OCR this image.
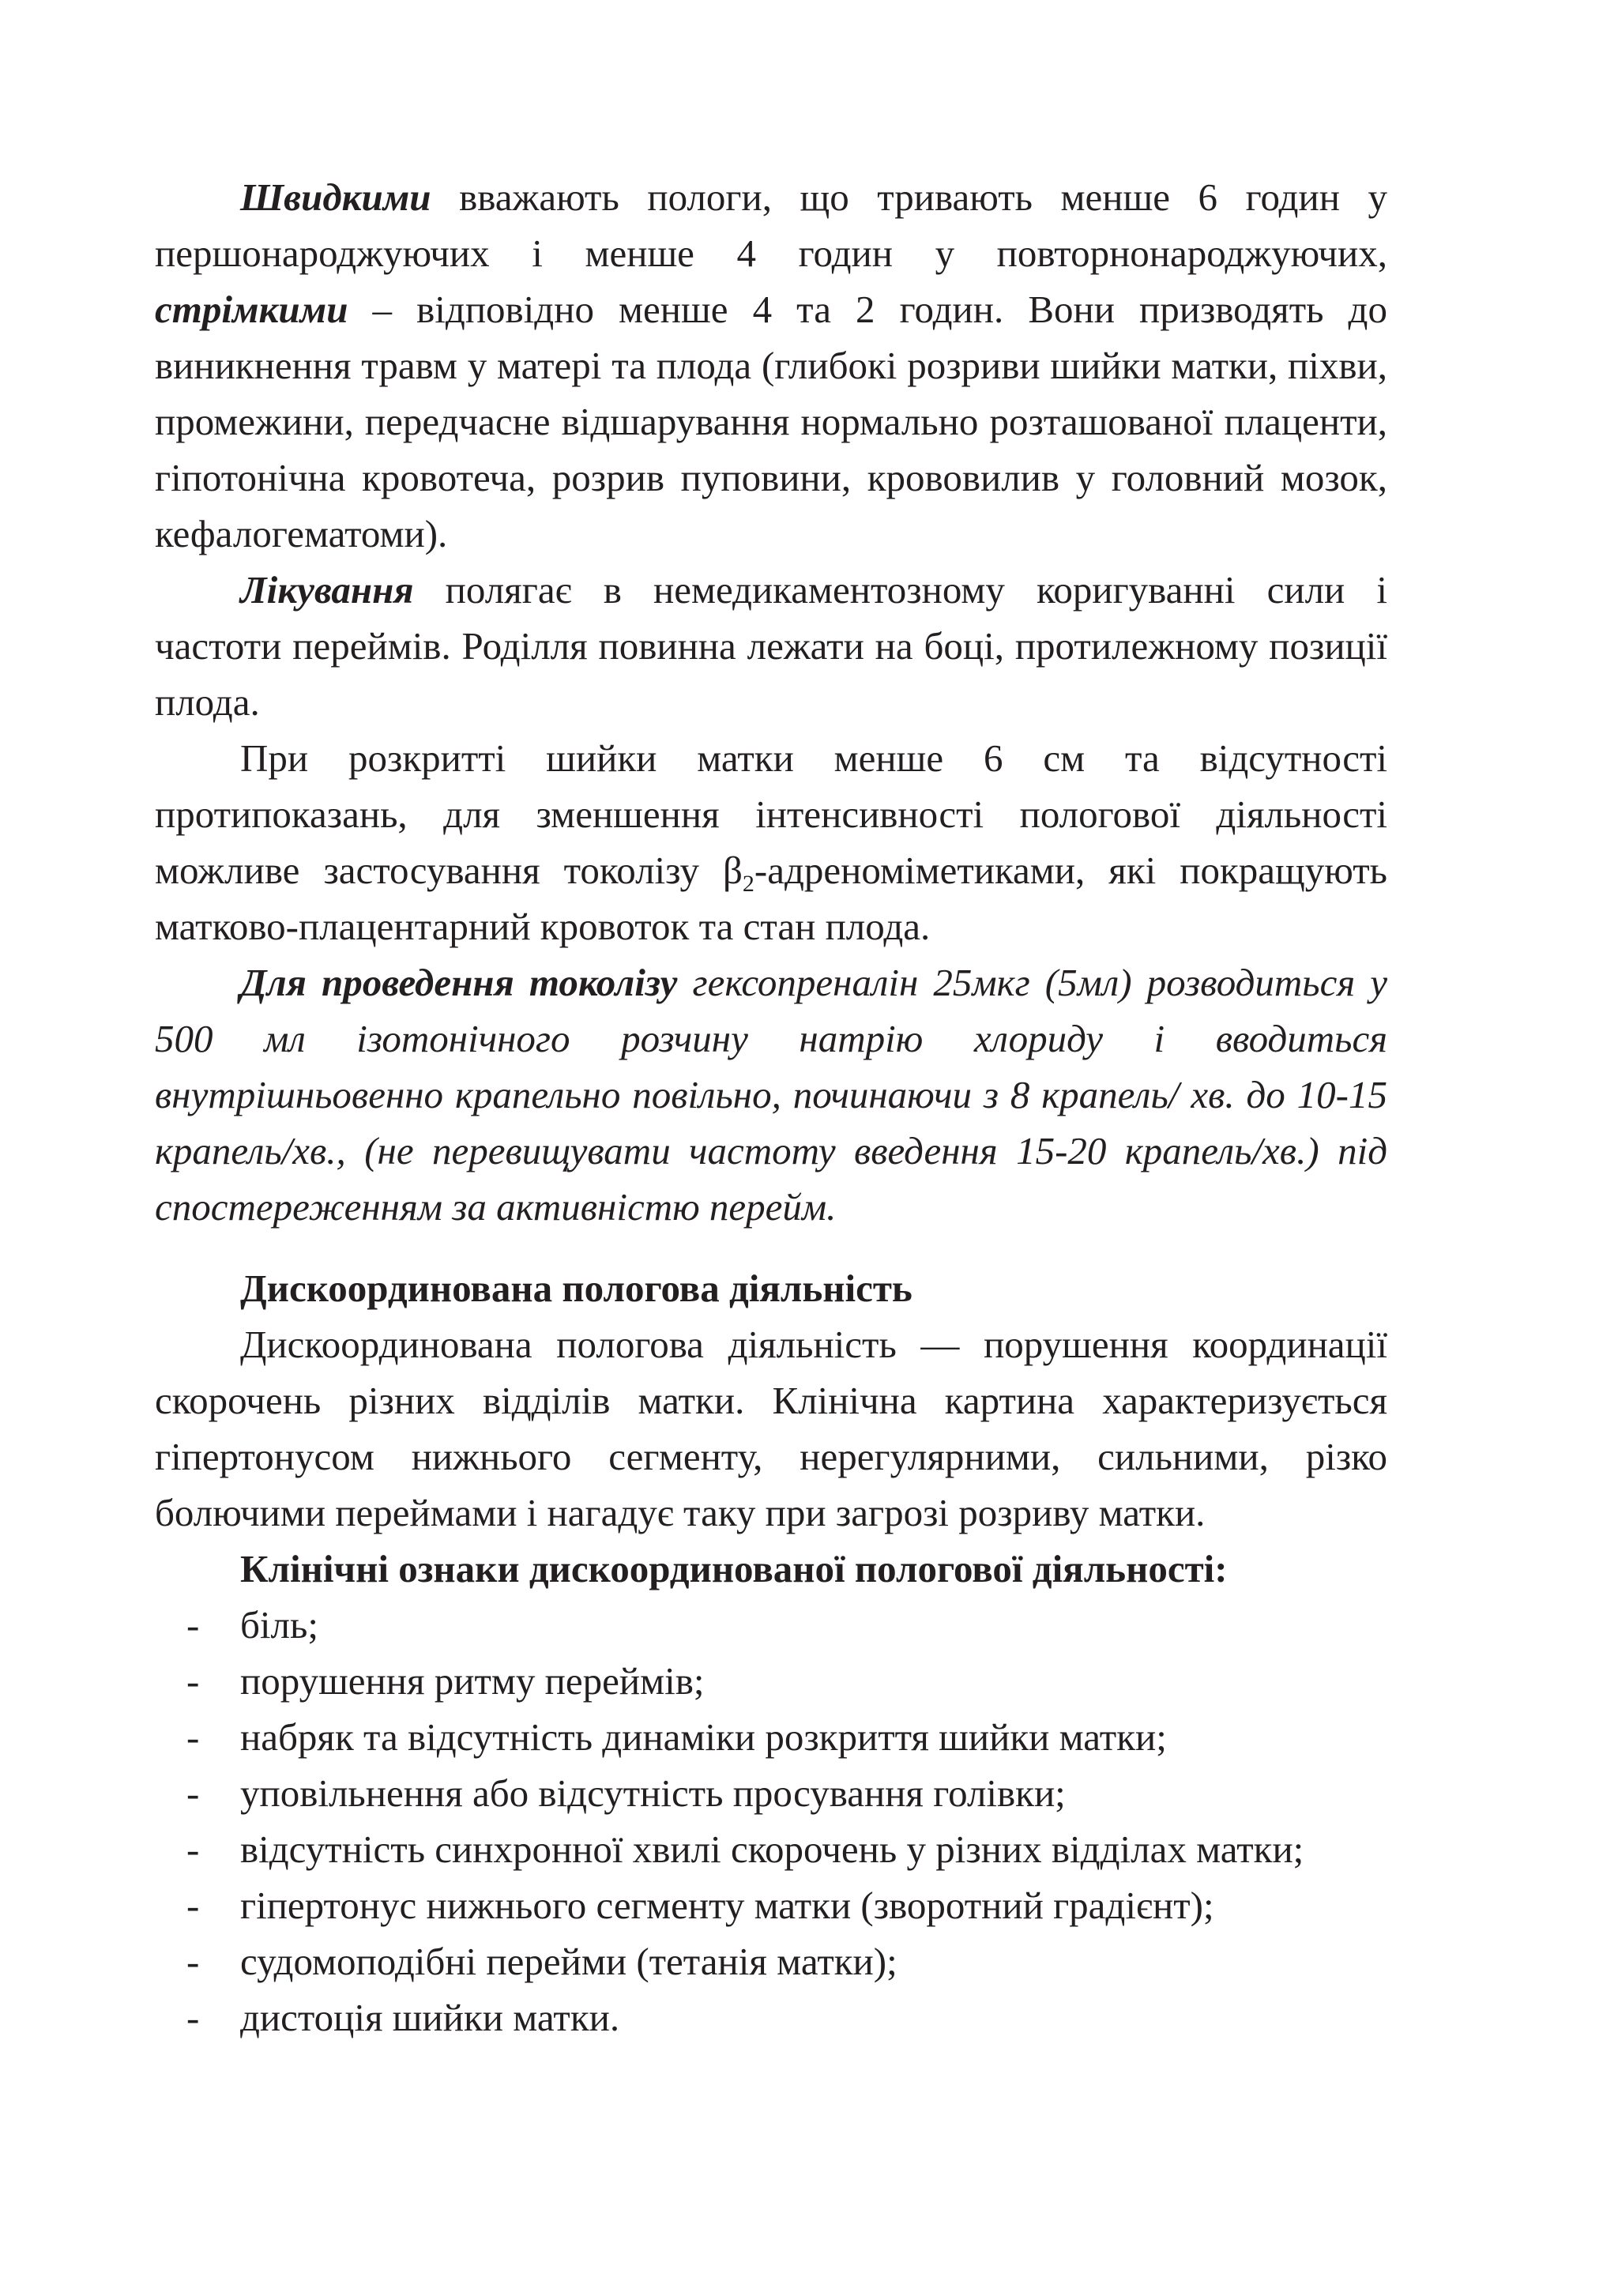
Швидкими вважають пологи, що тривають менше 6 годин у першонароджуючих і менше 4 годин у повторнонароджуючих, стрімкими – відповідно менше 4 та 2 годин. Вони призводять до виникнення травм у матері та плода (глибокі розриви шийки матки, піхви, промежини, передчасне відшарування нормально розташованої плаценти, гіпотонічна кровотеча, розрив пуповини, крововилив у головний мозок, кефалогематоми).

Лікування полягає в немедикаментозному коригуванні сили і частоти переймів. Роділля повинна лежати на боці, протилежному позиції плода.

При розкритті шийки матки менше 6 см та відсутності протипоказань, для зменшення інтенсивності пологової діяльності можливе застосування токолізу $\beta_2$-адреноміметиками, які покращують матково-плацентарний кровоток та стан плода.

Для проведення токолізу гексопреналін 25мкг (5мл) розводиться у 500 мл ізотонічного розчину натрію хлориду і вводиться внутрішньовенно крапельно повільно, починаючи з 8 крапель/ хв. до 10-15 крапель/хв., (не перевищувати частоту введення 15-20 крапель/хв.) під спостереженням за активністю перейм.

Дискоординована пологова діяльність

Дискоординована пологова діяльність — порушення координації скорочень різних відділів матки. Клінічна картина характеризується гіпертонусом нижнього сегменту, нерегулярними, сильними, різко болючими переймами і нагадує таку при загрозі розриву матки.

Клінічні ознаки дискоординованої пологової діяльності:

- біль;
- порушення ритму переймів;
- набряк та відсутність динаміки розкриття шийки матки;
- уповільнення або відсутність просування голівки;
- відсутність синхронної хвилі скорочень у різних відділах матки;
- гіпертонус нижнього сегменту матки (зворотний градієнт);
- судомоподібні перейми (тетанія матки);
- дистоція шийки матки.
